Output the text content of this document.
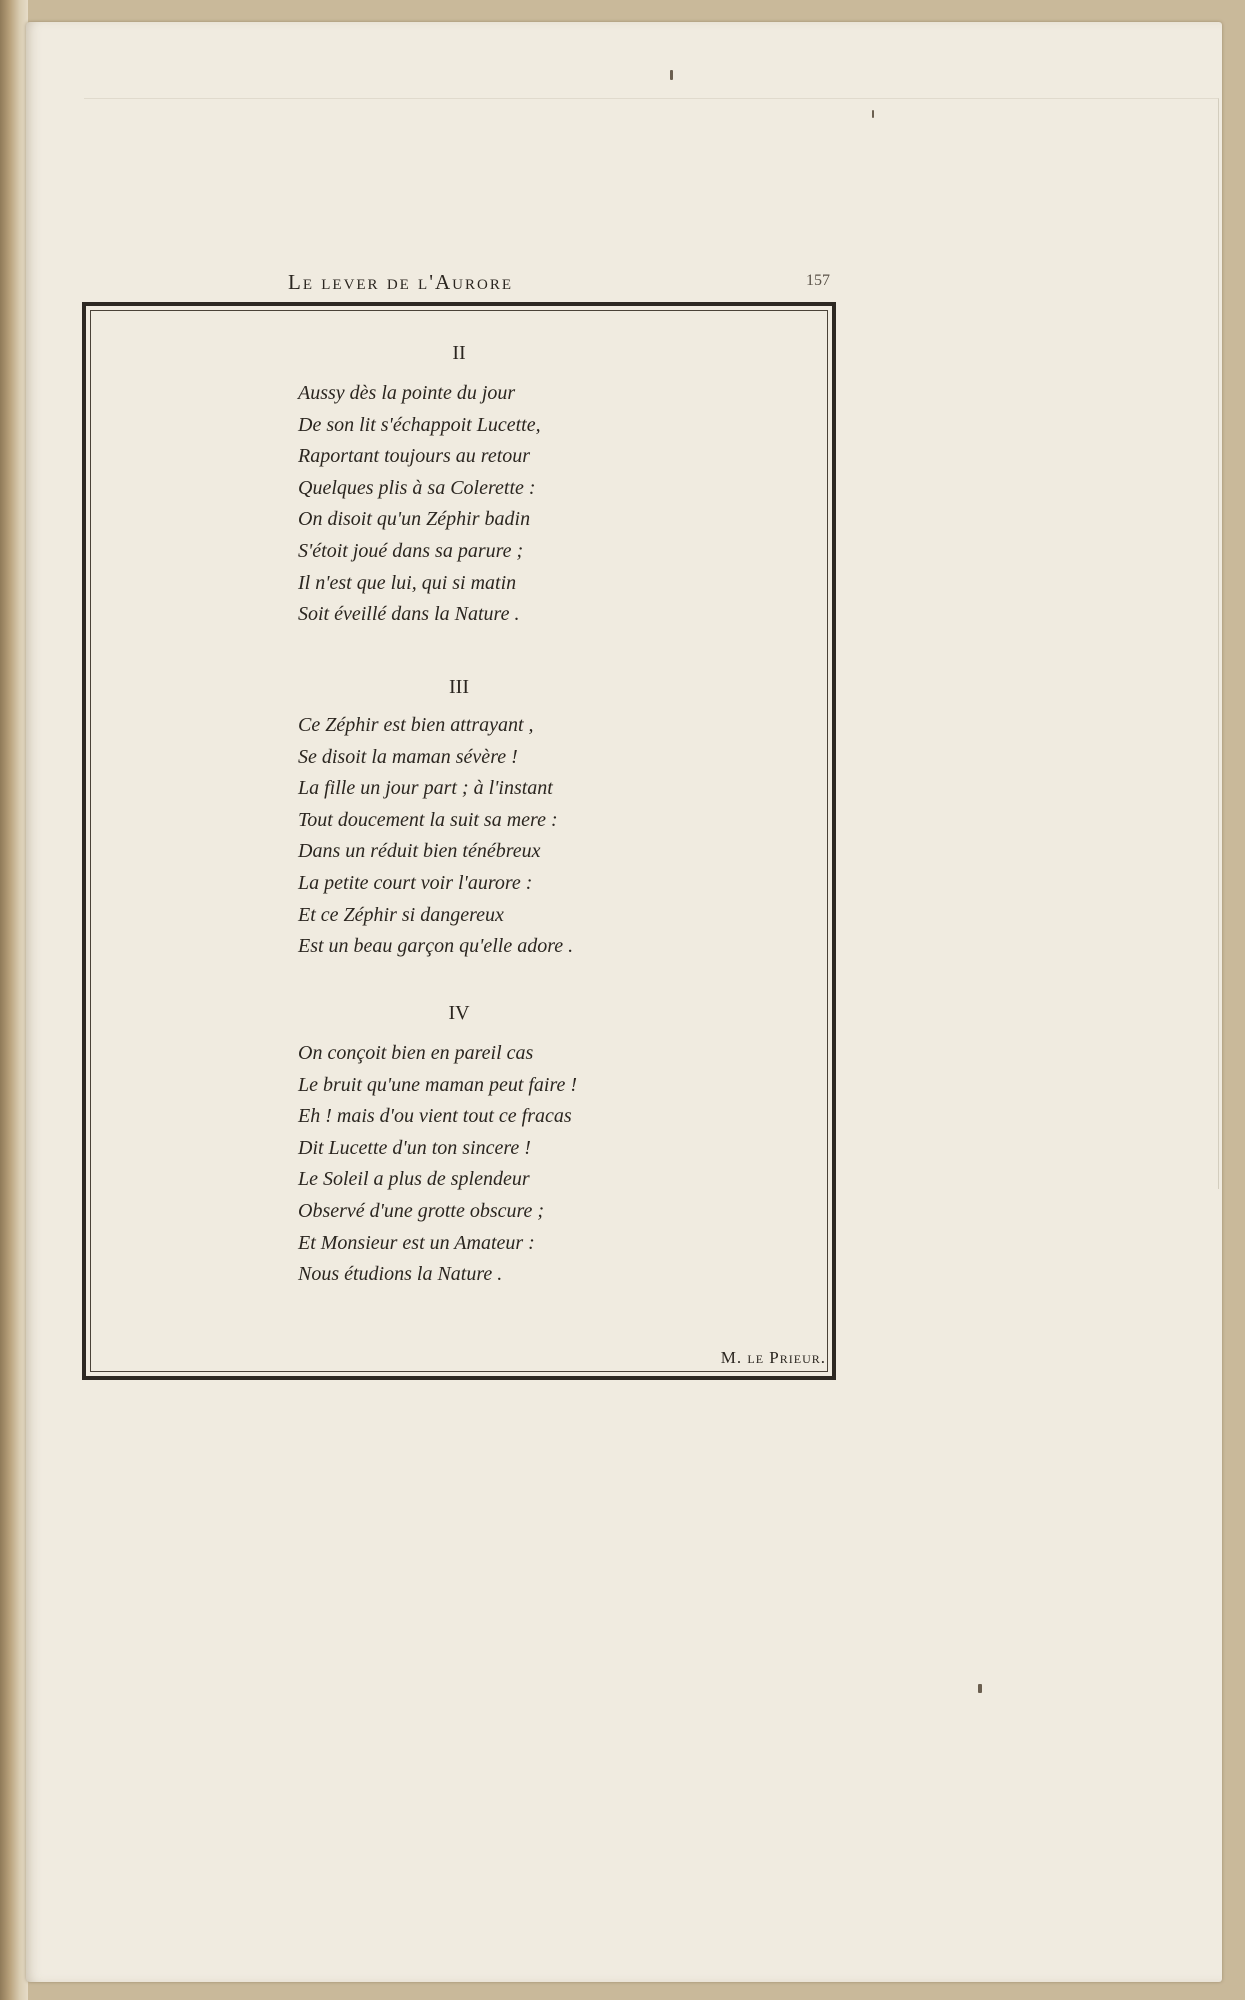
Le lever de l'Aurore	157
II
Aussy dès la pointe du jour
De son lit s'échappoit Lucette,
Raportant toujours au retour
Quelques plis à sa Colerette :
On disoit qu'un Zéphir badin
S'étoit joué dans sa parure ;
Il n'est que lui, qui si matin
Soit éveillé dans la Nature .
III
Ce Zéphir est bien attrayant ,
Se disoit la maman sévère !
La fille un jour part ; à l'instant
Tout doucement la suit sa mere :
Dans un réduit bien ténébreux
La petite court voir l'aurore :
Et ce Zéphir si dangereux
Est un beau garçon qu'elle adore .
IV
On conçoit bien en pareil cas
Le bruit qu'une maman peut faire !
Eh ! mais d'ou vient tout ce fracas
Dit Lucette d'un ton sincere !
Le Soleil a plus de splendeur
Observé d'une grotte obscure ;
Et Monsieur est un Amateur :
Nous étudions la Nature .
M. le Prieur.
